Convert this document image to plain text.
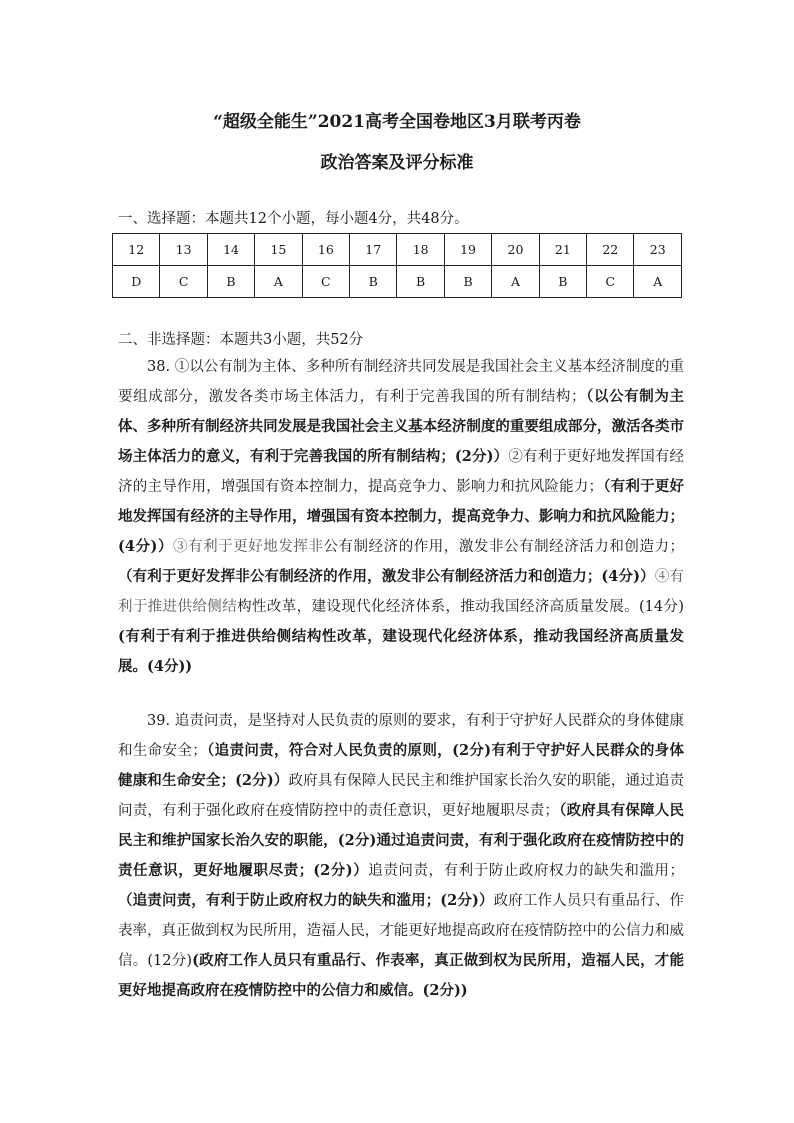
“超级全能生”2021高考全国卷地区3月联考丙卷
政治答案及评分标准
一、选择题：本题共12个小题，每小题4分，共48分。
12	13	14	15	16	17	18	19	20	21	22	23
D	C	B	A	C	B	B	B	A	B	C	A
二、非选择题：本题共3小题，共52分

38. ①以公有制为主体、多种所有制经济共同发展是我国社会主义基本经济制度的重要组成部分，激发各类市场主体活力，有利于完善我国的所有制结构；（以公有制为主体、多种所有制经济共同发展是我国社会主义基本经济制度的重要组成部分，激活各类市场主体活力的意义，有利于完善我国的所有制结构；(2分)）②有利于更好地发挥国有经济的主导作用，增强国有资本控制力，提高竞争力、影响力和抗风险能力；（有利于更好地发挥国有经济的主导作用，增强国有资本控制力，提高竞争力、影响力和抗风险能力；(4分)）③有利于更好地发挥非公有制经济的作用，激发非公有制经济活力和创造力；（有利于更好发挥非公有制经济的作用，激发非公有制经济活力和创造力；(4分)）④有利于推进供给侧结构性改革，建设现代化经济体系，推动我国经济高质量发展。(14分)(有利于有利于推进供给侧结构性改革，建设现代化经济体系，推动我国经济高质量发展。(4分))

39. 追责问责，是坚持对人民负责的原则的要求，有利于守护好人民群众的身体健康和生命安全；（追责问责，符合对人民负责的原则，(2分)有利于守护好人民群众的身体健康和生命安全；(2分)）政府具有保障人民民主和维护国家长治久安的职能，通过追责问责，有利于强化政府在疫情防控中的责任意识，更好地履职尽责；（政府具有保障人民民主和维护国家长治久安的职能，(2分)通过追责问责，有利于强化政府在疫情防控中的责任意识，更好地履职尽责；(2分)）追责问责，有利于防止政府权力的缺失和滥用；（追责问责，有利于防止政府权力的缺失和滥用；(2分)）政府工作人员只有重品行、作表率，真正做到权为民所用，造福人民，才能更好地提高政府在疫情防控中的公信力和威信。(12分)(政府工作人员只有重品行、作表率，真正做到权为民所用，造福人民，才能更好地提高政府在疫情防控中的公信力和威信。(2分))
